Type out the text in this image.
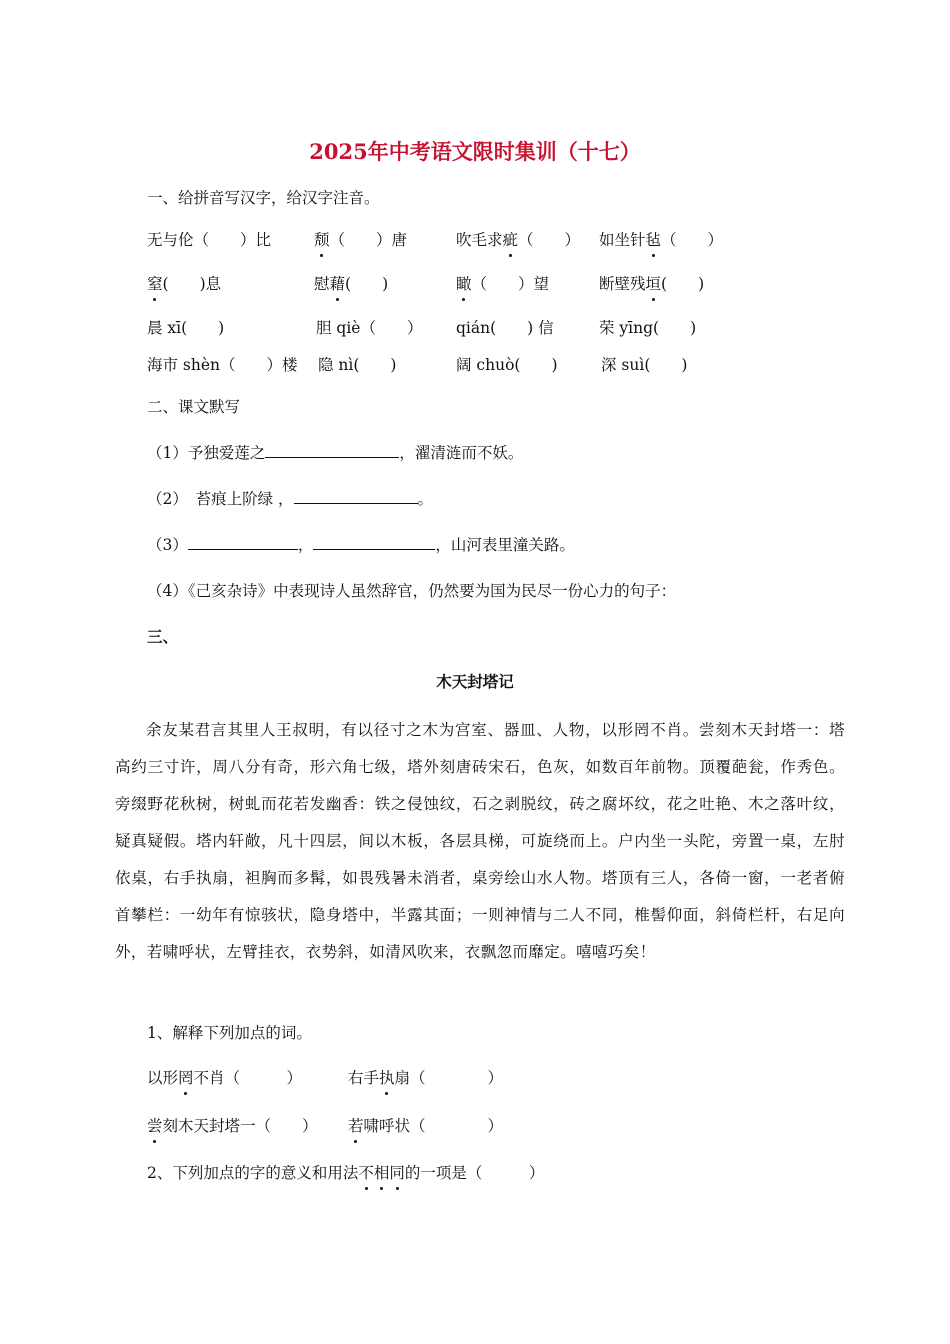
2025年中考语文限时集训（十七）
一、给拼音写汉字，给汉字注音。
无与伦（　　）比	颓（　　）唐	吹毛求疵（　　） 如坐针毡（　　）
窒(　　)息	慰藉(　　)	瞰（　　）望	断壁残垣(　　)
晨 xī(　　)	胆 qiè（　　） qián(　　) 信	荣 yīng(　　)
海市 shèn（　　）楼 隐 nì(　　)	阔 chuò(　　)	深 suì(　　)
二、课文默写
（1）予独爱莲之	，濯清涟而不妖。
（2）　苔痕上阶绿 ，	。
（3）	，	，山河表里潼关路。
（4）《己亥杂诗》中表现诗人虽然辞官，仍然要为国为民尽一份心力的句子：
三、
木天封塔记
余友某君言其里人王叔明，有以径寸之木为宫室、器皿、人物，以形罔不肖。尝刻木天封塔一：塔高约三寸许，周八分有奇，形六角七级，塔外刻唐砖宋石，色灰，如数百年前物。顶覆葩瓮，作秀色。旁缀野花秋树，树虬而花若发幽香：铁之侵蚀纹，石之剥脱纹，砖之腐坏纹，花之吐艳、木之落叶纹，疑真疑假。塔内轩敞，凡十四层，间以木板，各层具梯，可旋绕而上。户内坐一头陀，旁置一桌，左肘依桌，右手执扇，袒胸而多髯，如畏残暑未消者，桌旁绘山水人物。塔顶有三人，各倚一窗，一老者俯首攀栏：一幼年有惊骇状，隐身塔中，半露其面；一则神情与二人不同，椎髻仰面，斜倚栏杆，右足向外，若啸呼状，左臂挂衣，衣势斜，如清风吹来，衣飘忽而靡定。嘻嘻巧矣！
1、解释下列加点的词。
以形罔不肖（　　　）	右手执扇（　　　　）
尝刻木天封塔一（　　） 若啸呼状（　　　　）
2、下列加点的字的意义和用法不相同的一项是（　　　）
